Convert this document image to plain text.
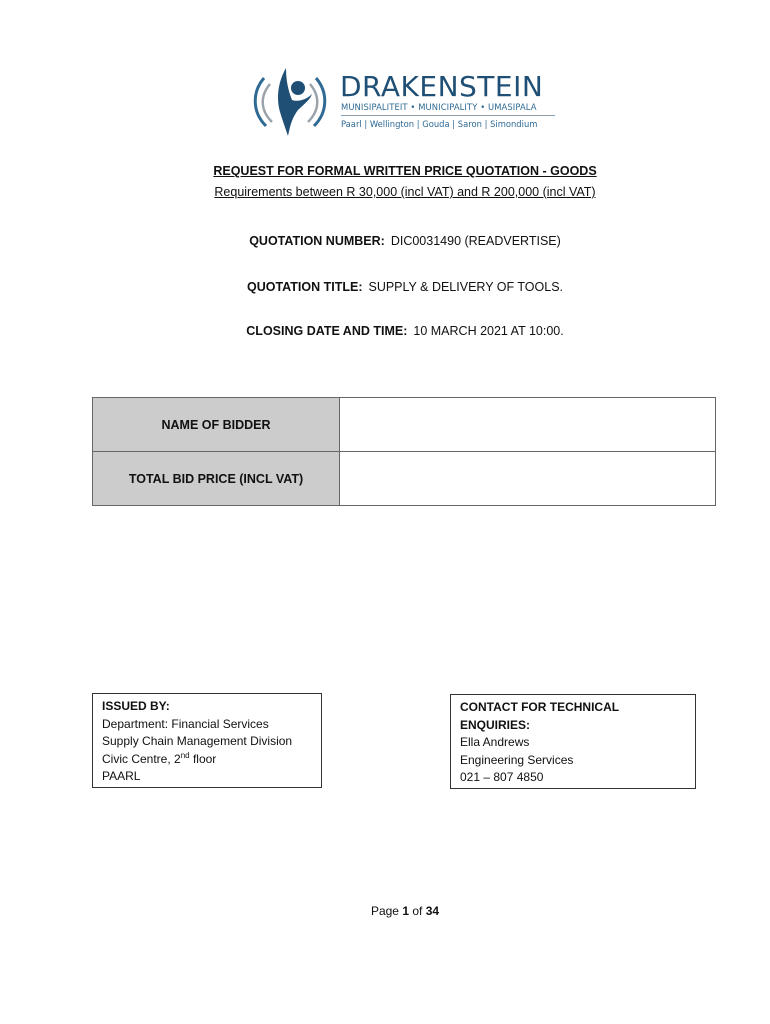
DRAKENSTEIN
MUNISIPALITEIT • MUNICIPALITY • UMASIPALA
Paarl | Wellington | Gouda | Saron | Simondium
REQUEST FOR FORMAL WRITTEN PRICE QUOTATION - GOODS
Requirements between R 30,000 (incl VAT) and R 200,000 (incl VAT)
QUOTATION NUMBER: DIC0031490 (READVERTISE)
QUOTATION TITLE: SUPPLY & DELIVERY OF TOOLS.
CLOSING DATE AND TIME: 10 MARCH 2021 AT 10:00.
NAME OF BIDDER	
TOTAL BID PRICE (INCL VAT)	
ISSUED BY:
Department: Financial Services
Supply Chain Management Division
Civic Centre, 2nd floor
PAARL
CONTACT FOR TECHNICAL ENQUIRIES:
Ella Andrews
Engineering Services
021 – 807 4850
Page 1 of 34
